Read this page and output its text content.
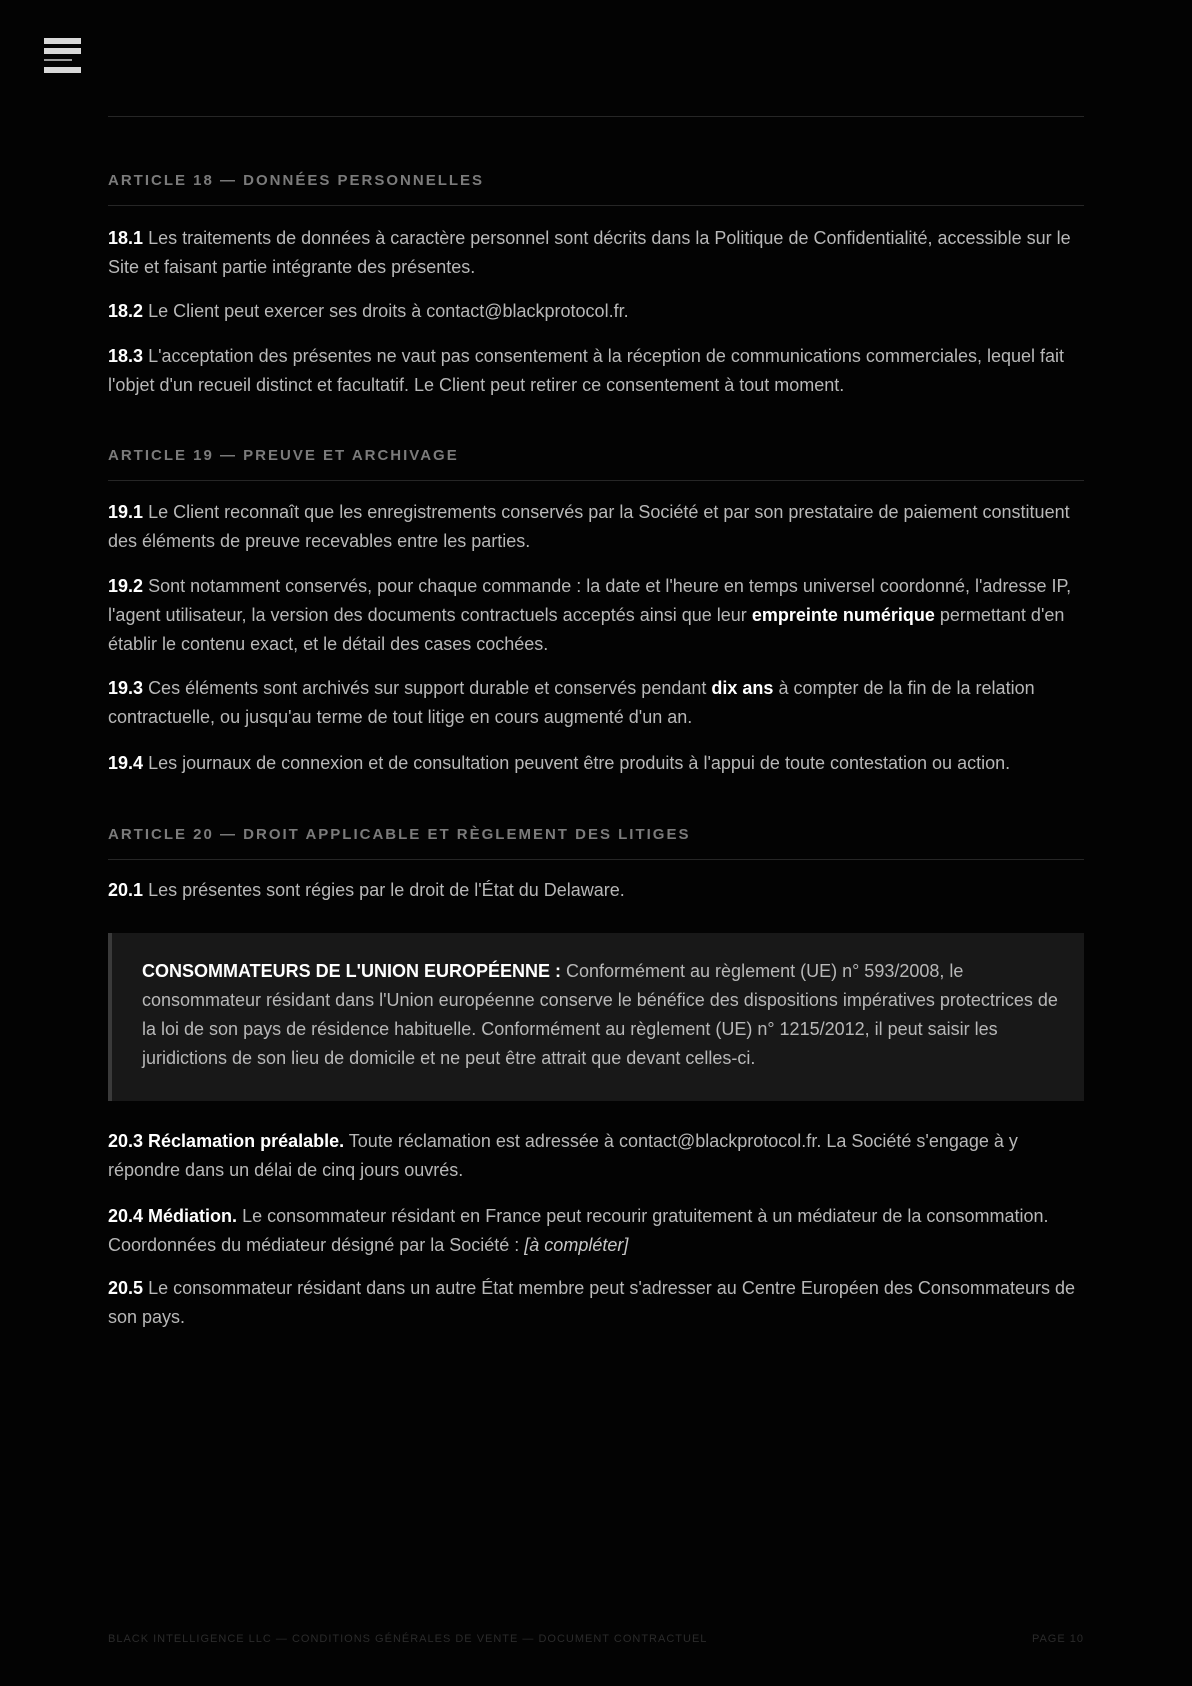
ARTICLE 18 — DONNÉES PERSONNELLES

18.1 Les traitements de données à caractère personnel sont décrits dans la Politique de Confidentialité, accessible sur le Site et faisant partie intégrante des présentes.

18.2 Le Client peut exercer ses droits à contact@blackprotocol.fr.

18.3 L'acceptation des présentes ne vaut pas consentement à la réception de communications commerciales, lequel fait l'objet d'un recueil distinct et facultatif. Le Client peut retirer ce consentement à tout moment.

ARTICLE 19 — PREUVE ET ARCHIVAGE

19.1 Le Client reconnaît que les enregistrements conservés par la Société et par son prestataire de paiement constituent des éléments de preuve recevables entre les parties.

19.2 Sont notamment conservés, pour chaque commande : la date et l'heure en temps universel coordonné, l'adresse IP, l'agent utilisateur, la version des documents contractuels acceptés ainsi que leur empreinte numérique permettant d'en établir le contenu exact, et le détail des cases cochées.

19.3 Ces éléments sont archivés sur support durable et conservés pendant dix ans à compter de la fin de la relation contractuelle, ou jusqu'au terme de tout litige en cours augmenté d'un an.

19.4 Les journaux de connexion et de consultation peuvent être produits à l'appui de toute contestation ou action.

ARTICLE 20 — DROIT APPLICABLE ET RÈGLEMENT DES LITIGES

20.1 Les présentes sont régies par le droit de l'État du Delaware.

CONSOMMATEURS DE L'UNION EUROPÉENNE : Conformément au règlement (UE) n° 593/2008, le consommateur résidant dans l'Union européenne conserve le bénéfice des dispositions impératives protectrices de la loi de son pays de résidence habituelle. Conformément au règlement (UE) n° 1215/2012, il peut saisir les juridictions de son lieu de domicile et ne peut être attrait que devant celles-ci.

20.3 Réclamation préalable. Toute réclamation est adressée à contact@blackprotocol.fr. La Société s'engage à y répondre dans un délai de cinq jours ouvrés.

20.4 Médiation. Le consommateur résidant en France peut recourir gratuitement à un médiateur de la consommation. Coordonnées du médiateur désigné par la Société : [à compléter]

20.5 Le consommateur résidant dans un autre État membre peut s'adresser au Centre Européen des Consommateurs de son pays.

BLACK INTELLIGENCE LLC — CONDITIONS GÉNÉRALES DE VENTE — DOCUMENT CONTRACTUEL	PAGE 10
